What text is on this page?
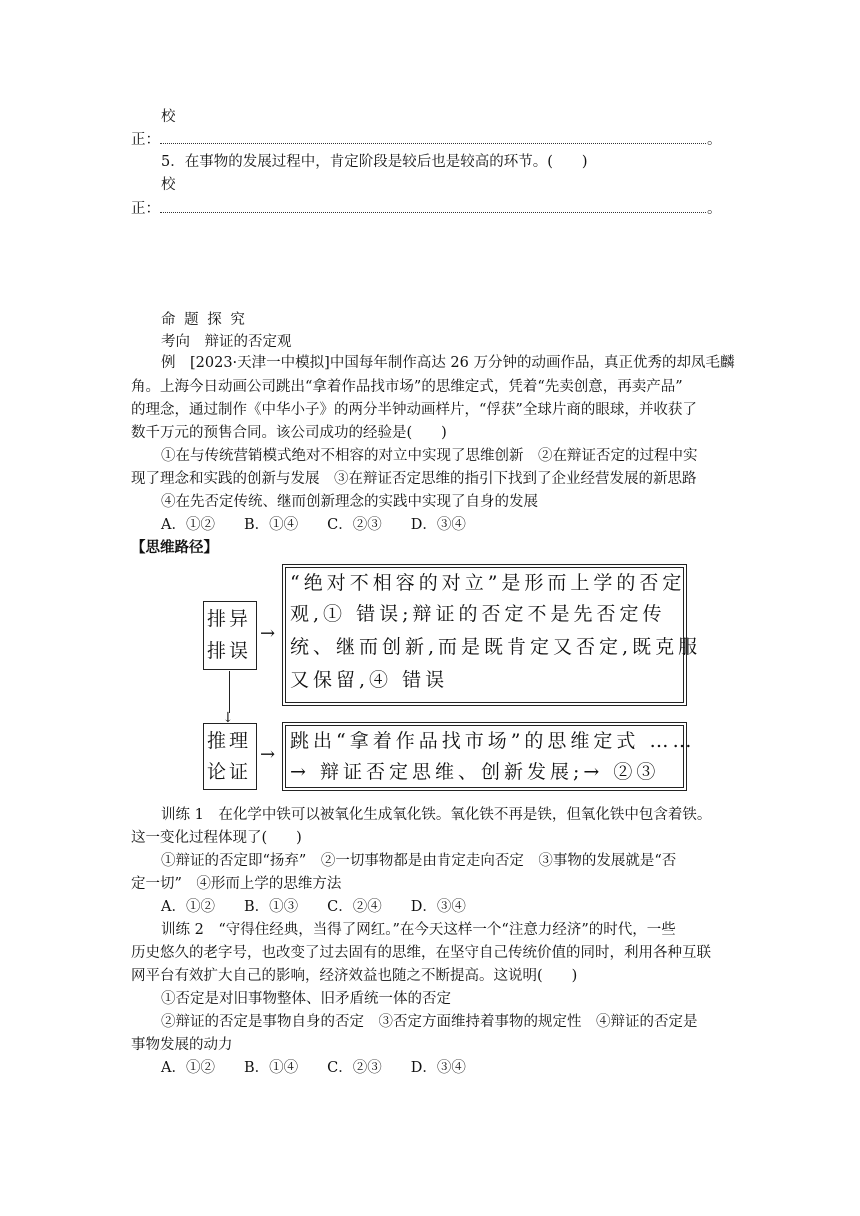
校
正：	。
5．在事物的发展过程中，肯定阶段是较后也是较高的环节。(　　)
校
正：	。
命 题 探 究
考向　辩证的否定观
例　[2023·天津一中模拟]中国每年制作高达 26 万分钟的动画作品，真正优秀的却凤毛麟
角。上海今日动画公司跳出“拿着作品找市场”的思维定式，凭着“先卖创意，再卖产品”
的理念，通过制作《中华小子》的两分半钟动画样片，“俘获”全球片商的眼球，并收获了
数千万元的预售合同。该公司成功的经验是(　　)
①在与传统营销模式绝对不相容的对立中实现了思维创新　②在辩证否定的过程中实
现了理念和实践的创新与发展　③在辩证否定思维的指引下找到了企业经营发展的新思路
④在先否定传统、继而创新理念的实践中实现了自身的发展
A．①②　　B．①④　　C．②③　　D．③④
【思维路径】
排异
排误
→
“绝对不相容的对立”是形而上学的否定
观,① 错误;辩证的否定不是先否定传
统、继而创新,而是既肯定又否定,既克服
又保留,④ 错误
↓
推理
论证
→
跳出“拿着作品找市场”的思维定式 ……
→ 辩证否定思维、创新发展;→ ②③
训练 1　在化学中铁可以被氧化生成氧化铁。氧化铁不再是铁，但氧化铁中包含着铁。
这一变化过程体现了(　　)
①辩证的否定即“扬弃”　②一切事物都是由肯定走向否定　③事物的发展就是“否
定一切”　④形而上学的思维方法
A．①②　　B．①③　　C．②④　　D．③④
训练 2　“守得住经典，当得了网红。”在今天这样一个“注意力经济”的时代，一些
历史悠久的老字号，也改变了过去固有的思维，在坚守自己传统价值的同时，利用各种互联
网平台有效扩大自己的影响，经济效益也随之不断提高。这说明(　　)
①否定是对旧事物整体、旧矛盾统一体的否定
②辩证的否定是事物自身的否定　③否定方面维持着事物的规定性　④辩证的否定是
事物发展的动力
A．①②　　B．①④　　C．②③　　D．③④
